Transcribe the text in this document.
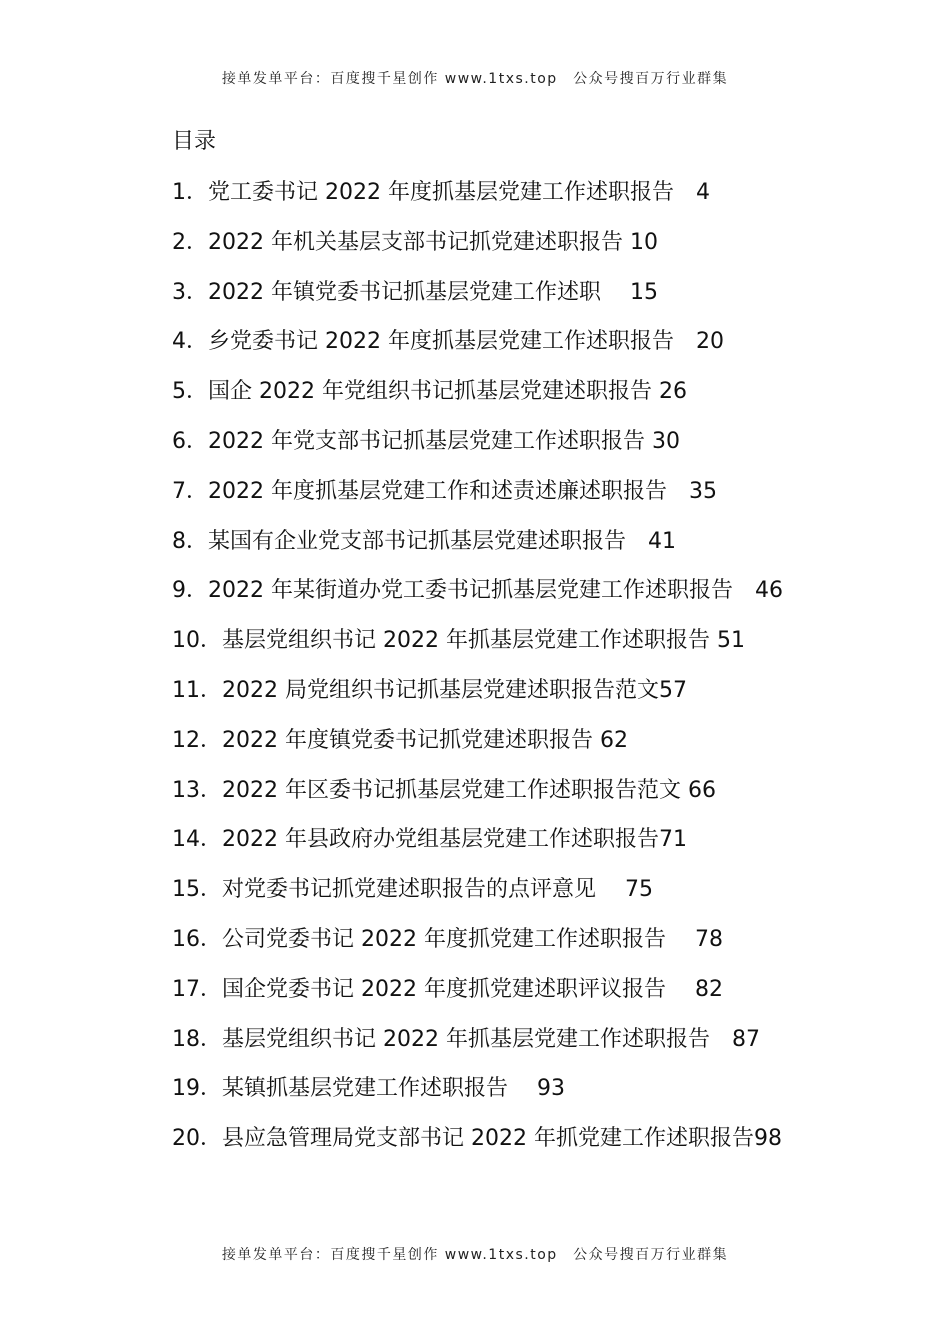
接单发单平台：百度搜千星创作 www.1txs.top　公众号搜百万行业群集
目录
1．党工委书记 2022 年度抓基层党建工作述职报告　4
2．2022 年机关基层支部书记抓党建述职报告 10
3．2022 年镇党委书记抓基层党建工作述职　 15
4．乡党委书记 2022 年度抓基层党建工作述职报告　20
5．国企 2022 年党组织书记抓基层党建述职报告 26
6．2022 年党支部书记抓基层党建工作述职报告 30
7．2022 年度抓基层党建工作和述责述廉述职报告　35
8．某国有企业党支部书记抓基层党建述职报告　41
9．2022 年某街道办党工委书记抓基层党建工作述职报告　46
10．基层党组织书记 2022 年抓基层党建工作述职报告 51
11．2022 局党组织书记抓基层党建述职报告范文57
12．2022 年度镇党委书记抓党建述职报告 62
13．2022 年区委书记抓基层党建工作述职报告范文 66
14．2022 年县政府办党组基层党建工作述职报告71
15．对党委书记抓党建述职报告的点评意见　 75
16．公司党委书记 2022 年度抓党建工作述职报告　 78
17．国企党委书记 2022 年度抓党建述职评议报告　 82
18．基层党组织书记 2022 年抓基层党建工作述职报告　87
19．某镇抓基层党建工作述职报告　 93
20．县应急管理局党支部书记 2022 年抓党建工作述职报告98
接单发单平台：百度搜千星创作 www.1txs.top　公众号搜百万行业群集
